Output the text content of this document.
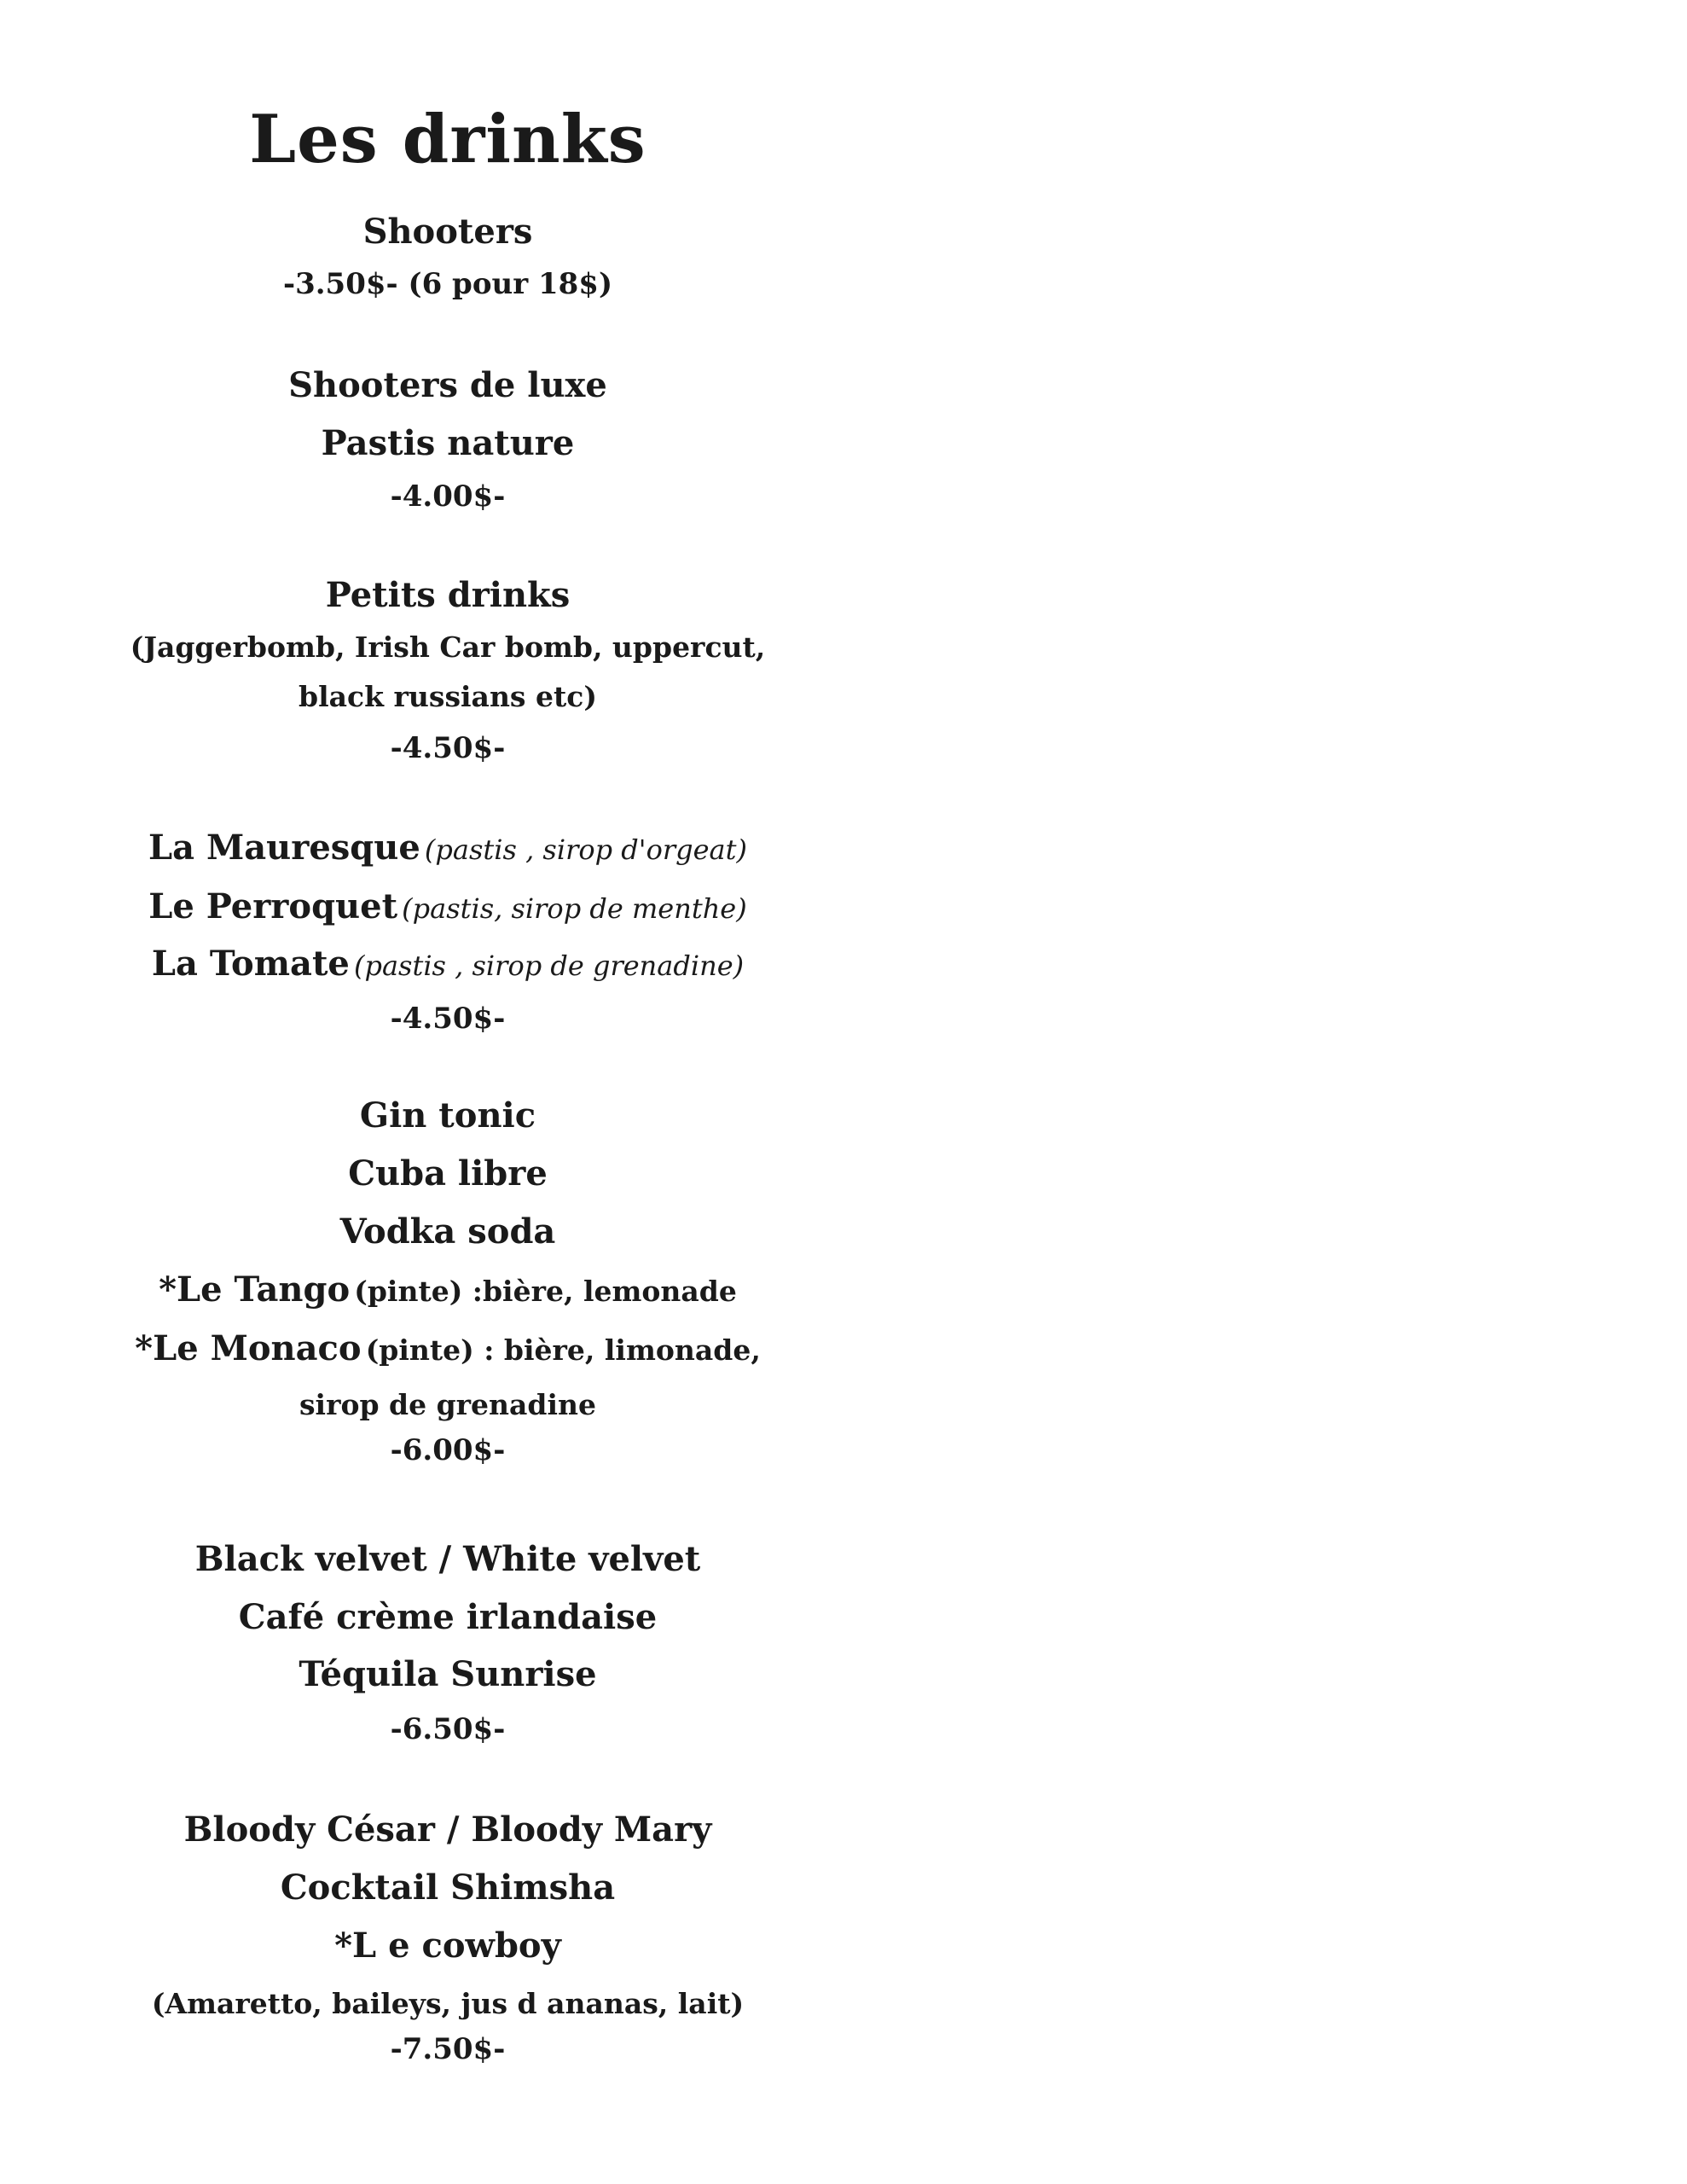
Les drinks
Shooters
-3.50$- (6 pour 18$)
Shooters de luxe
Pastis nature
-4.00$-
Petits drinks
(Jaggerbomb, Irish Car bomb, uppercut, black russians etc)
-4.50$-
La Mauresque (pastis , sirop d'orgeat)
Le Perroquet (pastis, sirop de menthe)
La Tomate (pastis , sirop de grenadine)
-4.50$-
Gin tonic
Cuba libre
Vodka soda
*Le Tango (pinte) :bière, lemonade
*Le Monaco (pinte) : bière, limonade, sirop de grenadine
-6.00$-
Black velvet / White velvet
Café crème irlandaise
Téquila Sunrise
-6.50$-
Bloody César / Bloody Mary
Cocktail Shimsha
*L e cowboy
(Amaretto, baileys, jus d ananas, lait)
-7.50$-
